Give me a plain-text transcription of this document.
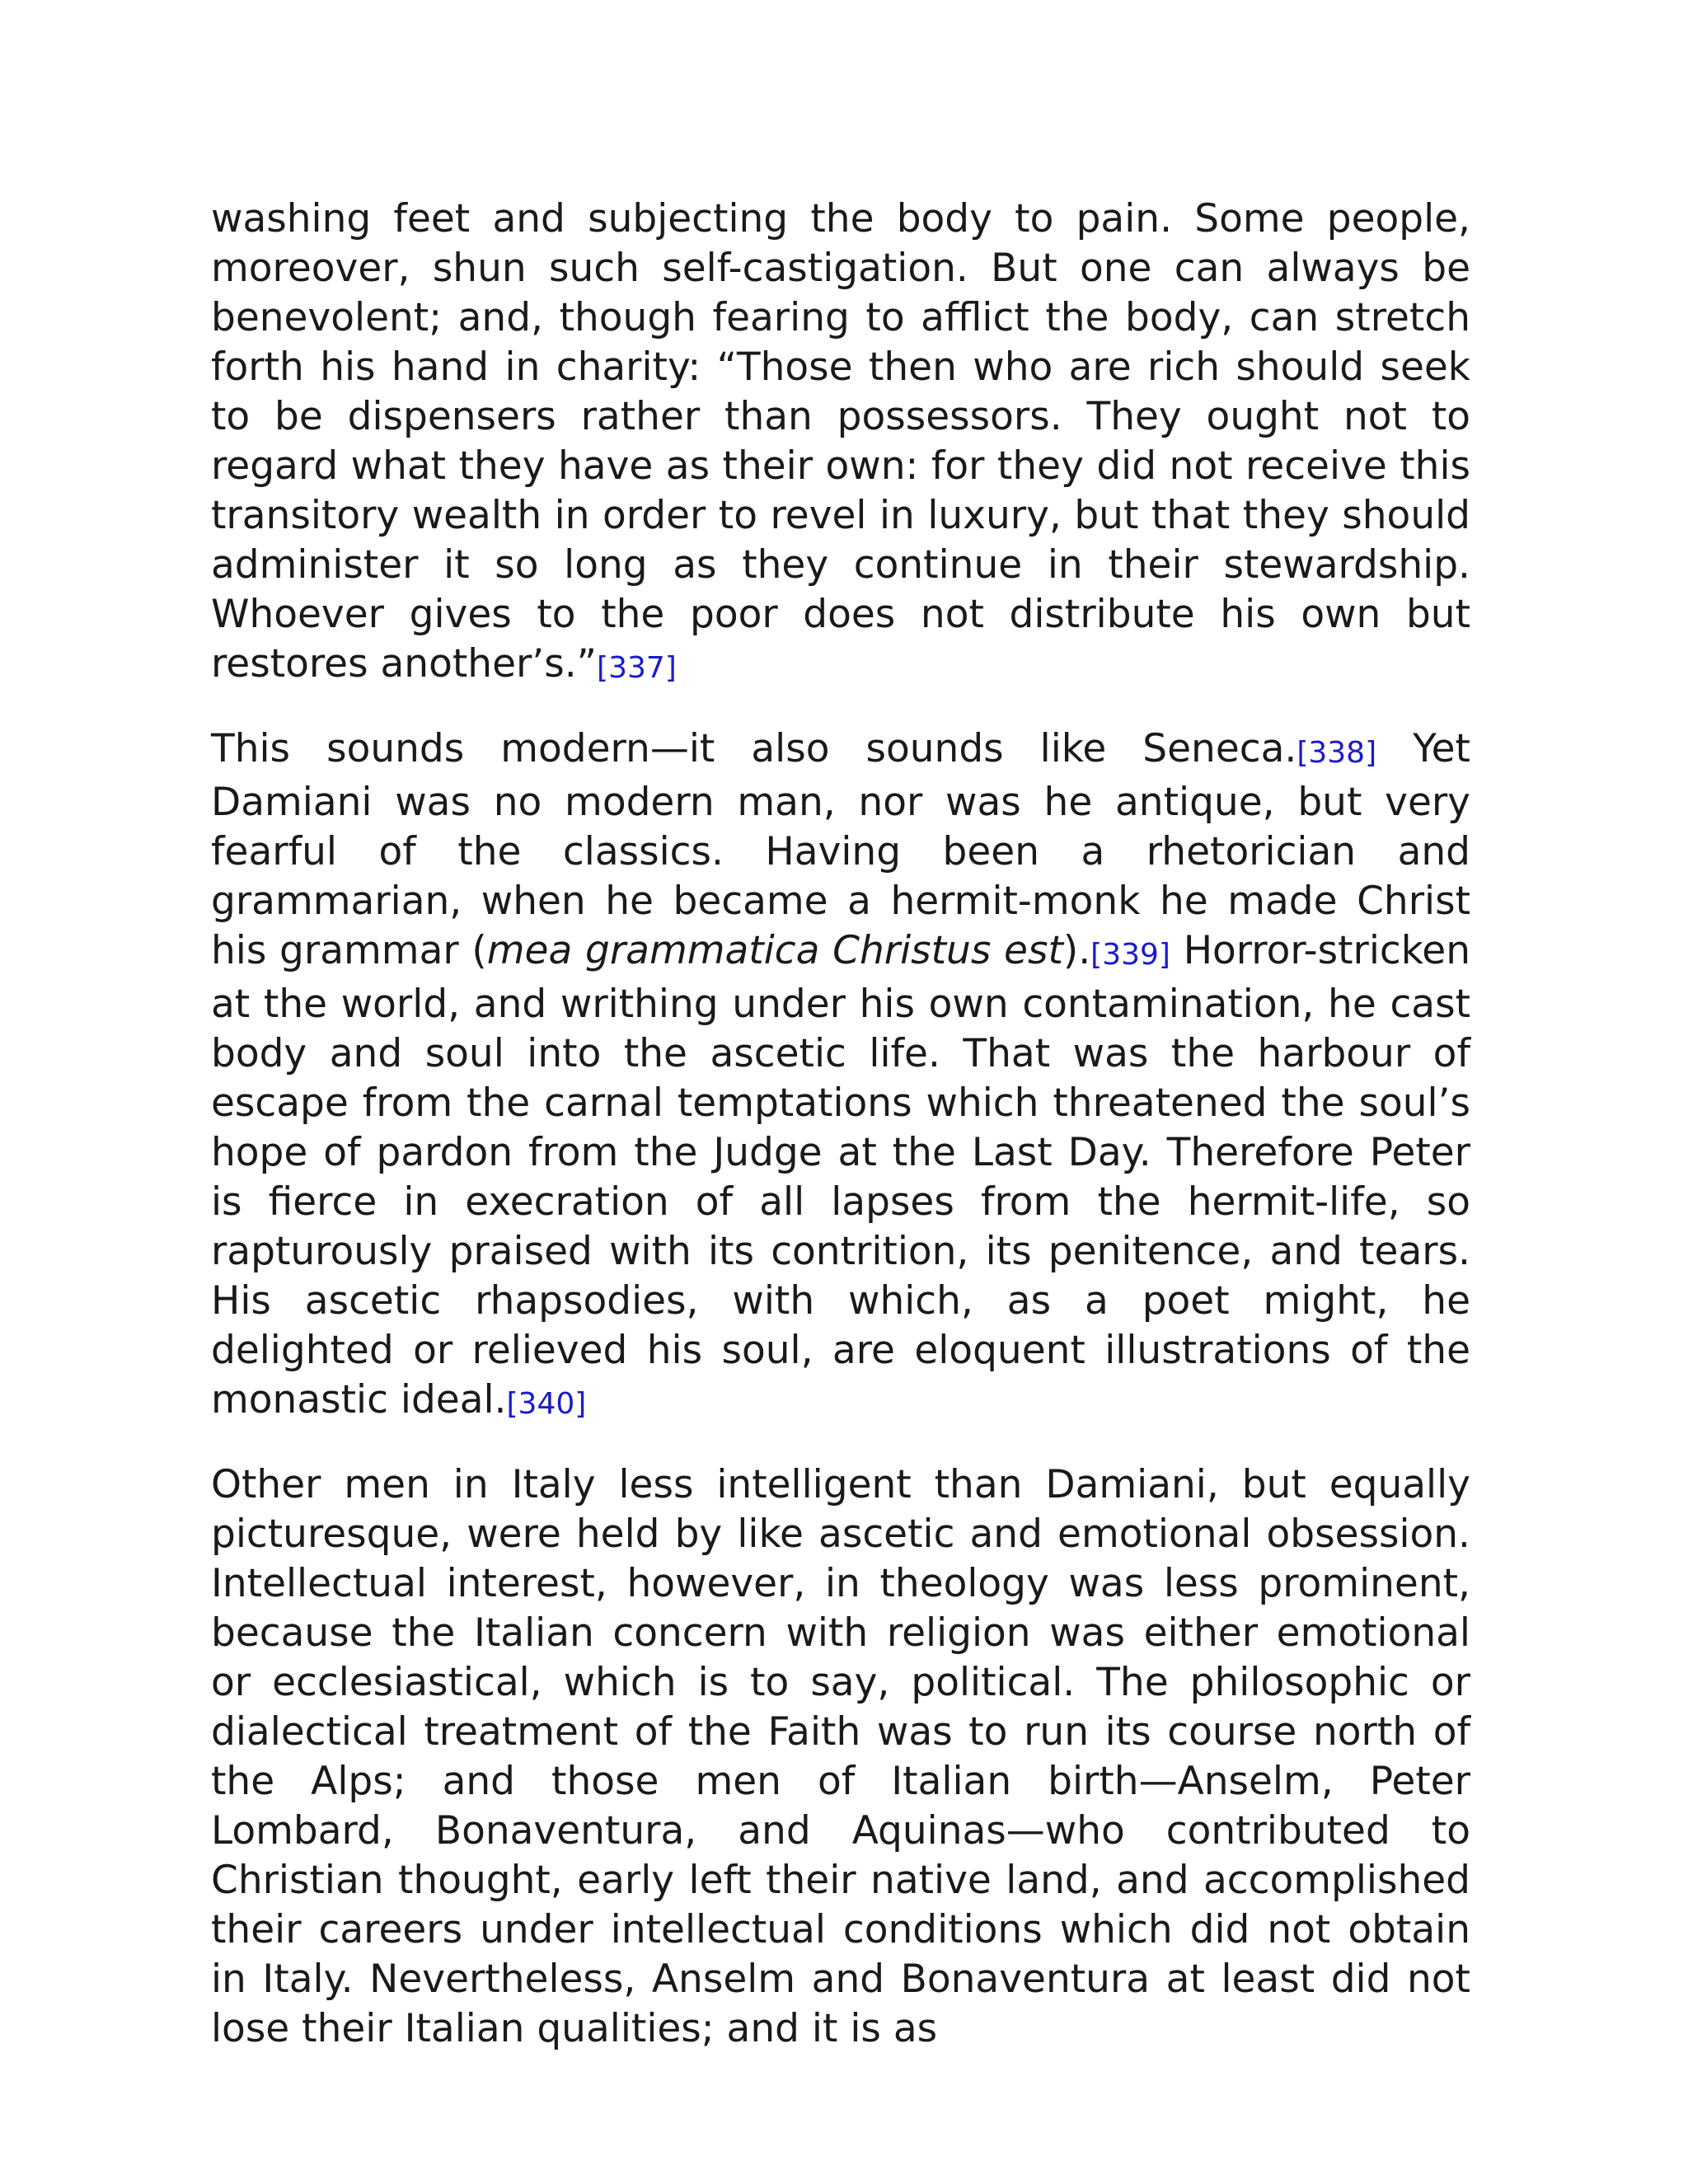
washing feet and subjecting the body to pain. Some people, moreover, shun such self-castigation. But one can always be benevolent; and, though fearing to afflict the body, can stretch forth his hand in charity: “Those then who are rich should seek to be dispensers rather than possessors. They ought not to regard what they have as their own: for they did not receive this transitory wealth in order to revel in luxury, but that they should administer it so long as they continue in their stewardship. Whoever gives to the poor does not distribute his own but restores another’s.”[337]

This sounds modern—it also sounds like Seneca.[338] Yet Damiani was no modern man, nor was he antique, but very fearful of the classics. Having been a rhetorician and grammarian, when he became a hermit-monk he made Christ his grammar (mea grammatica Christus est).[339] Horror-stricken at the world, and writhing under his own contamination, he cast body and soul into the ascetic life. That was the harbour of escape from the carnal temptations which threatened the soul’s hope of pardon from the Judge at the Last Day. Therefore Peter is fierce in execration of all lapses from the hermit-life, so rapturously praised with its contrition, its penitence, and tears. His ascetic rhapsodies, with which, as a poet might, he delighted or relieved his soul, are eloquent illustrations of the monastic ideal.[340]

Other men in Italy less intelligent than Damiani, but equally picturesque, were held by like ascetic and emotional obsession. Intellectual interest, however, in theology was less prominent, because the Italian concern with religion was either emotional or ecclesiastical, which is to say, political. The philosophic or dialectical treatment of the Faith was to run its course north of the Alps; and those men of Italian birth—Anselm, Peter Lombard, Bonaventura, and Aquinas—who contributed to Christian thought, early left their native land, and accomplished their careers under intellectual conditions which did not obtain in Italy. Nevertheless, Anselm and Bonaventura at least did not lose their Italian qualities; and it is as
